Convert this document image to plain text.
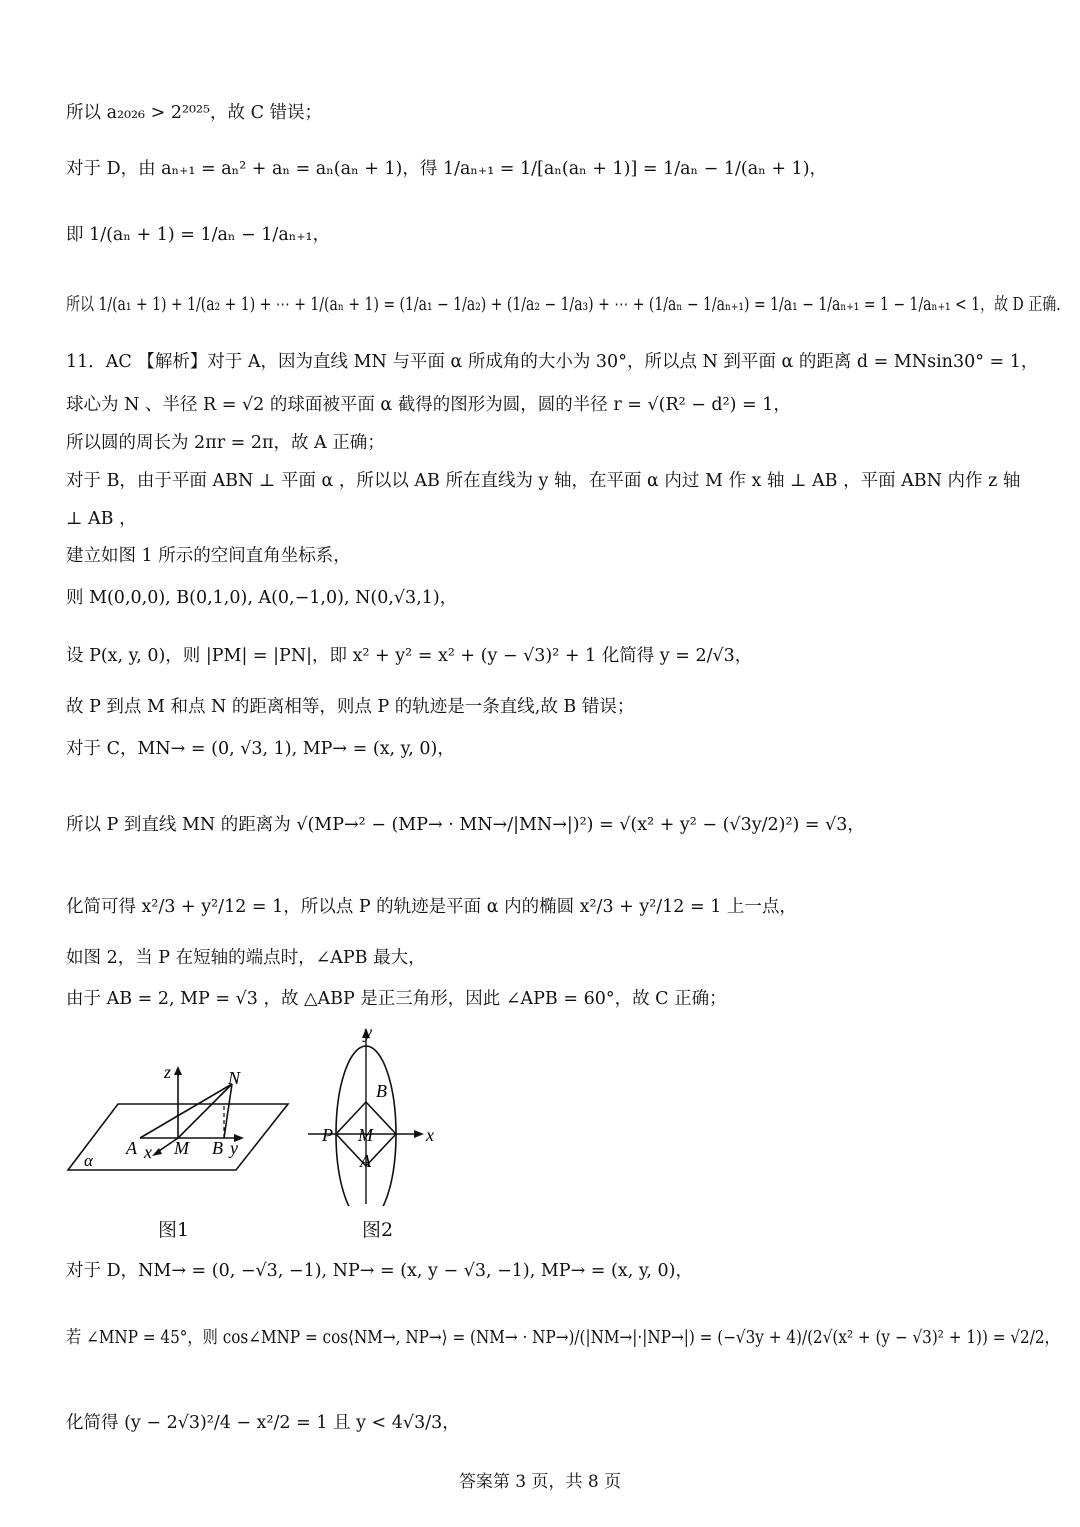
所以 a₂₀₂₆ > 2²⁰²⁵，故 C 错误；
对于 D，由 aₙ₊₁ = aₙ² + aₙ = aₙ(aₙ + 1)，得 1/aₙ₊₁ = 1/[aₙ(aₙ + 1)] = 1/aₙ − 1/(aₙ + 1)，
即 1/(aₙ + 1) = 1/aₙ − 1/aₙ₊₁，
所以 1/(a₁ + 1) + 1/(a₂ + 1) + ⋯ + 1/(aₙ + 1) = (1/a₁ − 1/a₂) + (1/a₂ − 1/a₃) + ⋯ + (1/aₙ − 1/aₙ₊₁) = 1/a₁ − 1/aₙ₊₁ = 1 − 1/aₙ₊₁ < 1，故 D 正确.
11．AC 【解析】对于 A，因为直线 MN 与平面 α 所成角的大小为 30°，所以点 N 到平面 α 的距离 d = MNsin30° = 1，
球心为 N 、半径 R = √2 的球面被平面 α 截得的图形为圆，圆的半径 r = √(R² − d²) = 1，
所以圆的周长为 2πr = 2π，故 A 正确；
对于 B，由于平面 ABN ⊥ 平面 α ，所以以 AB 所在直线为 y 轴，在平面 α 内过 M 作 x 轴 ⊥ AB ，平面 ABN 内作 z 轴
⊥ AB ，
建立如图 1 所示的空间直角坐标系，
则 M(0,0,0), B(0,1,0), A(0,−1,0), N(0,√3,1)，
设 P(x, y, 0)，则 |PM| = |PN|，即 x² + y² = x² + (y − √3)² + 1 化简得 y = 2/√3，
故 P 到点 M 和点 N 的距离相等，则点 P 的轨迹是一条直线,故 B 错误；
对于 C，MN→ = (0, √3, 1), MP→ = (x, y, 0)，
所以 P 到直线 MN 的距离为 √(MP→² − (MP→ · MN→/|MN→|)²) = √(x² + y² − (√3y/2)²) = √3，
化简可得 x²/3 + y²/12 = 1，所以点 P 的轨迹是平面 α 内的椭圆 x²/3 + y²/12 = 1 上一点，
如图 2，当 P 在短轴的端点时，∠APB 最大，
由于 AB = 2, MP = √3 ，故 △ABP 是正三角形，因此 ∠APB = 60°，故 C 正确；
z	N
A x M B y
α
图1
y
B
P M	x
A
图2
对于 D，NM→ = (0, −√3, −1), NP→ = (x, y − √3, −1), MP→ = (x, y, 0)，
若 ∠MNP = 45°，则 cos∠MNP = cos⟨NM→, NP→⟩ = (NM→ · NP→)/(|NM→|·|NP→|) = (−√3y + 4)/(2√(x² + (y − √3)² + 1)) = √2/2，
化简得 (y − 2√3)²/4 − x²/2 = 1 且 y < 4√3/3，
答案第 3 页，共 8 页
